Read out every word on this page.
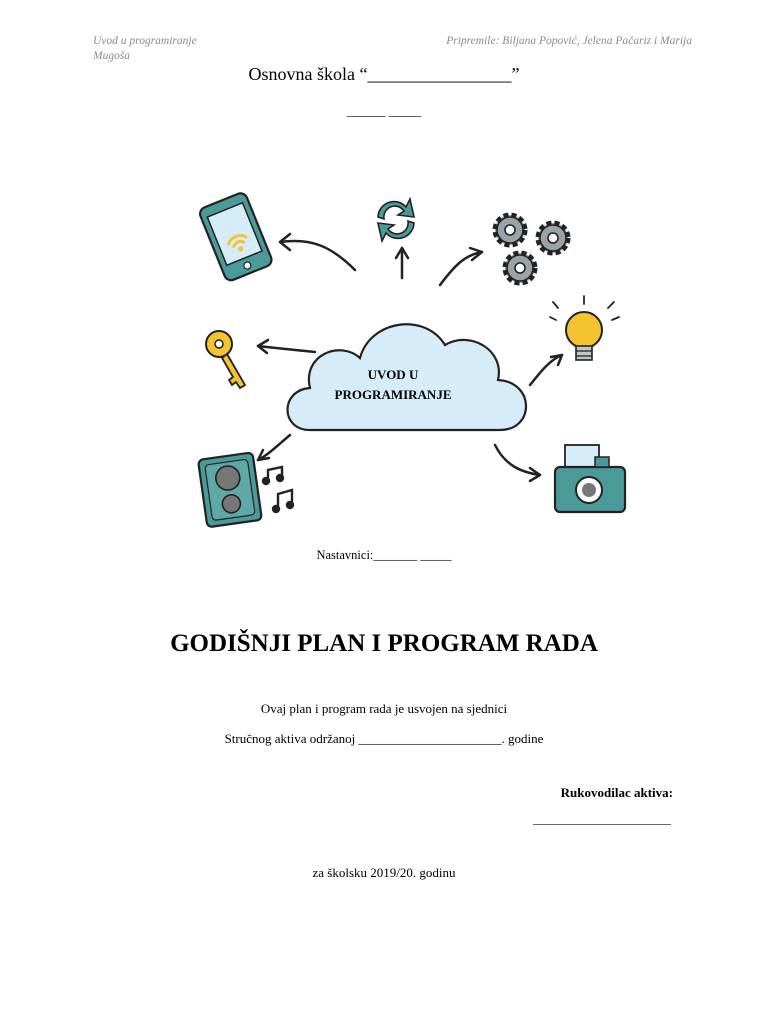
Uvod u programiranje
Mugoša
Pripremile: Biljana Popović, Jelena Pačariz i Marija
Osnovna škola “________________”
______ _____
UVOD U
PROGRAMIRANJE
Nastavnici:_______ _____
GODIŠNJI PLAN I PROGRAM RADA
Ovaj plan i program rada je usvojen na sjednici
Stručnog aktiva održanoj ______________________. godine
Rukovodilac aktiva:
_______________________
za školsku 2019/20. godinu
